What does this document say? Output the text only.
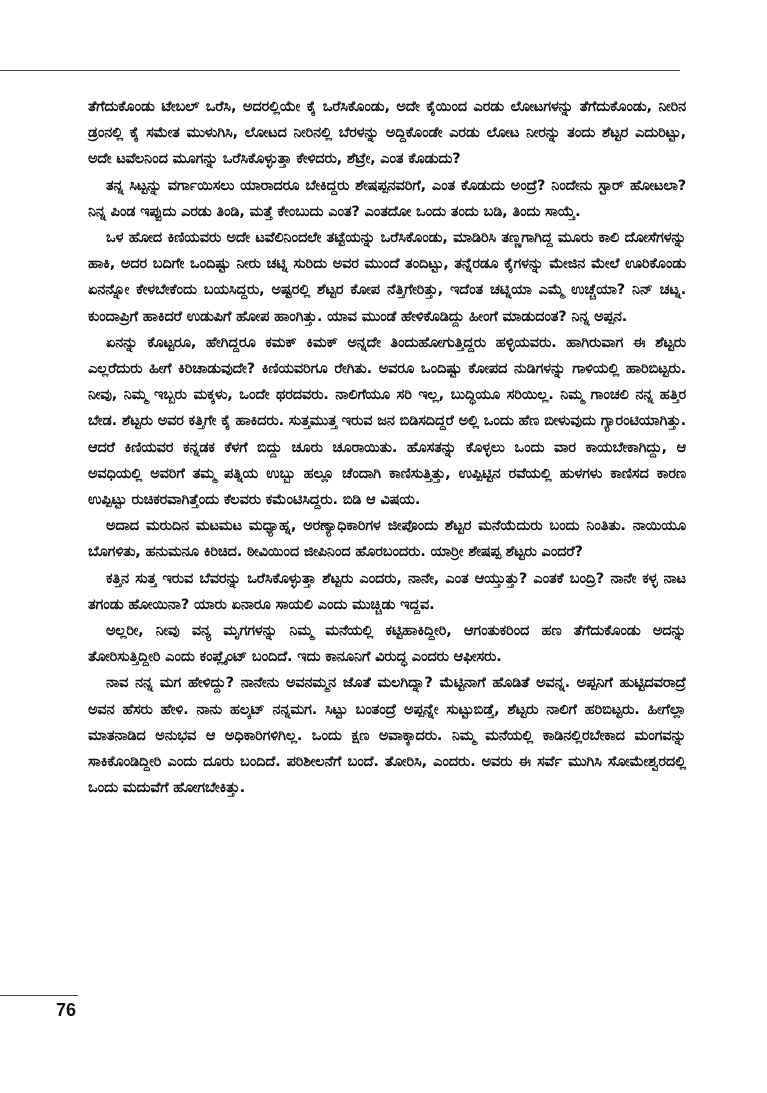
ತೆಗೆದುಕೊಂಡು ಟೇಬಲ್ ಒರೆಸಿ, ಅದರಲ್ಲಿಯೇ ಕೈ ಒರೆಸಿಕೊಂಡು, ಅದೇ ಕೈಯಿಂದ ಎರಡು ಲೋಟಗಳನ್ನು ತೆಗೆದುಕೊಂಡು, ನೀರಿನ ಡ್ರಂನಲ್ಲಿ ಕೈ ಸಮೇತ ಮುಳುಗಿಸಿ, ಲೋಟದ ನೀರಿನಲ್ಲಿ ಬೆರಳನ್ನು ಅದ್ದಿಕೊಂಡೇ ಎರಡು ಲೋಟ ನೀರನ್ನು ತಂದು ಶೆಟ್ಟರ ಎದುರಿಟ್ಟು, ಅದೇ ಟವೆಲನಿಂದ ಮೂಗನ್ನು ಒರೆಸಿಕೊಳ್ಳುತ್ತಾ ಕೇಳಿದರು, ಶೆಟ್ರೇ, ಎಂತ ಕೊಡುದು?

ತನ್ನ ಸಿಟ್ಟನ್ನು ವರ್ಗಾಯಿಸಲು ಯಾರಾದರೂ ಬೇಕಿದ್ದರು ಶೇಷಪ್ಪನವರಿಗೆ, ಎಂತ ಕೊಡುದು ಅಂದ್ರೆ? ನಿಂದೇನು ಸ್ಟಾರ್ ಹೋಟಲಾ? ನಿನ್ನ ಪಿಂಡ ಇಪ್ಪುದು ಎರಡು ತಿಂಡಿ, ಮತ್ತೆ ಕೇಂಬುದು ಎಂತ? ಎಂತದೋ ಒಂದು ತಂದು ಬಡಿ, ತಿಂದು ಸಾಯ್ತೆ.

ಒಳ ಹೋದ ಕಿಣಿಯವರು ಅದೇ ಟವೆಲಿನಿಂದಲೇ ತಟ್ಟೆಯನ್ನು ಒರೆಸಿಕೊಂಡು, ಮಾಡಿರಿಸಿ ತಣ್ಣಗಾಗಿದ್ದ ಮೂರು ಕಾಲಿ ದೋಸೆಗಳನ್ನು ಹಾಕಿ, ಅದರ ಬದಿಗೇ ಒಂದಿಷ್ಟು ನೀರು ಚಟ್ನಿ ಸುರಿದು ಅವರ ಮುಂದೆ ತಂದಿಟ್ಟು, ತನ್ನೆರಡೂ ಕೈಗಳನ್ನು ಮೇಜಿನ ಮೇಲೆ ಊರಿಕೊಂಡು ಏನನ್ನೋ ಕೇಳಬೇಕೆಂದು ಬಯಸಿದ್ದರು, ಅಷ್ಟರಲ್ಲಿ ಶೆಟ್ಟರ ಕೋಪ ನೆತ್ತಿಗೇರಿತ್ತು, ಇದೆಂತ ಚಟ್ನಿಯಾ ಎಮ್ಮೆ ಉಚ್ಚೆಯಾ? ನಿನ್ ಚಟ್ನ. ಕುಂದಾಪ್ರಿಗೆ ಹಾಕಿದರೆ ಉಡುಪಿಗೆ ಹೋಪ ಹಾಂಗಿತ್ತು. ಯಾವ ಮುಂಡೆ ಹೇಳಿಕೊಡಿದ್ದು ಹೀಂಗೆ ಮಾಡುದಂತ? ನಿನ್ನ ಅಪ್ಪನ.

ಏನನ್ನು ಕೊಟ್ಟರೂ, ಹೇಗಿದ್ದರೂ ಕಮಕ್ ಕಿಮಕ್ ಅನ್ನದೇ ತಿಂದುಹೋಗುತ್ತಿದ್ದರು ಹಳ್ಳಿಯವರು. ಹಾಗಿರುವಾಗ ಈ ಶೆಟ್ಟರು ಎಲ್ಲರೆದುರು ಹೀಗೆ ಕಿರಿಚಾಡುವುದೇ? ಕಿಣಿಯವರಿಗೂ ರೇಗಿತು. ಅವರೂ ಒಂದಿಷ್ಟು ಕೋಪದ ನುಡಿಗಳನ್ನು ಗಾಳಿಯಲ್ಲಿ ಹಾರಿಬಿಟ್ಟರು. ನೀವು, ನಿಮ್ಮ ಇಬ್ಬರು ಮಕ್ಕಳು, ಒಂದೇ ಥರದವರು. ನಾಲಿಗೆಯೂ ಸರಿ ಇಲ್ಲ, ಬುದ್ಧಿಯೂ ಸರಿಯಿಲ್ಲ. ನಿಮ್ಮ ಗಾಂಚಲಿ ನನ್ನ ಹತ್ತಿರ ಬೇಡ. ಶೆಟ್ಟರು ಅವರ ಕತ್ತಿಗೇ ಕೈ ಹಾಕಿದರು. ಸುತ್ತಮುತ್ತ ಇರುವ ಜನ ಬಿಡಿಸದಿದ್ದರೆ ಅಲ್ಲಿ ಒಂದು ಹೆಣ ಬೀಳುವುದು ಗ್ಯಾರಂಟಿಯಾಗಿತ್ತು. ಆದರೆ ಕಿಣಿಯವರ ಕನ್ನಡಕ ಕೆಳಗೆ ಬಿದ್ದು ಚೂರು ಚೂರಾಯಿತು. ಹೊಸತನ್ನು ಕೊಳ್ಳಲು ಒಂದು ವಾರ ಕಾಯಬೇಕಾಗಿದ್ದು, ಆ ಅವಧಿಯಲ್ಲಿ ಅವರಿಗೆ ತಮ್ಮ ಪತ್ನಿಯ ಉಬ್ಬು ಹಲ್ಲೂ ಚೆಂದಾಗಿ ಕಾಣಿಸುತ್ತಿತ್ತು, ಉಪ್ಪಿಟ್ಟಿನ ರವೆಯಲ್ಲಿ ಹುಳಗಳು ಕಾಣಿಸದ ಕಾರಣ ಉಪ್ಪಿಟ್ಟು ರುಚಿಕರವಾಗಿತ್ತೆಂದು ಕೆಲವರು ಕಮೆಂಟಿಸಿದ್ದರು. ಬಿಡಿ ಆ ವಿಷಯ.

ಅದಾದ ಮರುದಿನ ಮಟಮಟ ಮಧ್ಯಾಹ್ನ, ಅರಣ್ಯಾಧಿಕಾರಿಗಳ ಜೀಪೊಂದು ಶೆಟ್ಟರ ಮನೆಯೆದುರು ಬಂದು ನಿಂತಿತು. ನಾಯಿಯೂ ಬೊಗಳಿತು, ಹನುಮನೂ ಕಿರಿಚಿದ. ಠೀವಿಯಿಂದ ಜೀಪಿನಿಂದ ಹೊರಬಂದರು. ಯಾರ‍್ರೀ ಶೇಷಪ್ಪ ಶೆಟ್ಟರು ಎಂದರೆ?

ಕತ್ತಿನ ಸುತ್ತ ಇರುವ ಬೆವರನ್ನು ಒರೆಸಿಕೊಳ್ಳುತ್ತಾ ಶೆಟ್ಟರು ಎಂದರು, ನಾನೇ, ಎಂತ ಆಯ್ತುತ್ತು? ಎಂತಕೆ ಬಂದ್ರಿ? ನಾನೇ ಕಳ್ಳ ನಾಟ ತಗಂಡು ಹೋಯಿನಾ? ಯಾರು ಏನಾರೂ ಸಾಯಲಿ ಎಂದು ಮುಚ್ಚಿಡು ಇದ್ದವ.

ಅಲ್ಲರೀ, ನೀವು ವನ್ಯ ಮೃಗಗಳನ್ನು ನಿಮ್ಮ ಮನೆಯಲ್ಲಿ ಕಟ್ಟಿಹಾಕಿದ್ದೀರಿ, ಆಗಂತುಕರಿಂದ ಹಣ ತೆಗೆದುಕೊಂಡು ಅದನ್ನು ತೋರಿಸುತ್ತಿದ್ದೀರಿ ಎಂದು ಕಂಪ್ಲೈಂಟ್ ಬಂದಿದೆ. ಇದು ಕಾನೂನಿಗೆ ವಿರುದ್ಧ ಎಂದರು ಆಫೀಸರು.

ನಾವ ನನ್ನ ಮಗ ಹೇಳಿದ್ದು? ನಾನೇನು ಅವನಮ್ಮನ ಜೊತೆ ಮಲಗಿದ್ನಾ? ಮೆಟ್ಟಿನಾಗೆ ಹೊಡಿತೆ ಅವನ್ನ. ಅಪ್ಪನಿಗೆ ಹುಟ್ಟಿದವರಾದ್ರೆ ಅವನ ಹೆಸರು ಹೇಳಿ. ನಾನು ಹಲ್ಕಟ್ ನನ್ನಮಗ. ಸಿಟ್ಟು ಬಂತಂದ್ರೆ ಅಪ್ಪನ್ನೇ ಸುಟ್ಟುಬಿಡ್ತೆ, ಶೆಟ್ಟರು ನಾಲಿಗೆ ಹರಿಬಿಟ್ಟರು. ಹೀಗೆಲ್ಲಾ ಮಾತನಾಡಿದ ಅನುಭವ ಆ ಅಧಿಕಾರಿಗಳಿಗಿಲ್ಲ. ಒಂದು ಕ್ಷಣ ಅವಾಕ್ಕಾದರು. ನಿಮ್ಮ ಮನೆಯಲ್ಲಿ ಕಾಡಿನಲ್ಲಿರಬೇಕಾದ ಮಂಗವನ್ನು ಸಾಕಿಕೊಂಡಿದ್ದೀರಿ ಎಂದು ದೂರು ಬಂದಿದೆ. ಪರಿಶೀಲನೆಗೆ ಬಂದೆ. ತೋರಿಸಿ, ಎಂದರು. ಅವರು ಈ ಸರ್ವೆ ಮುಗಿಸಿ ಸೋಮೇಶ್ವರದಲ್ಲಿ ಒಂದು ಮದುವೆಗೆ ಹೋಗಬೇಕಿತ್ತು.

76
